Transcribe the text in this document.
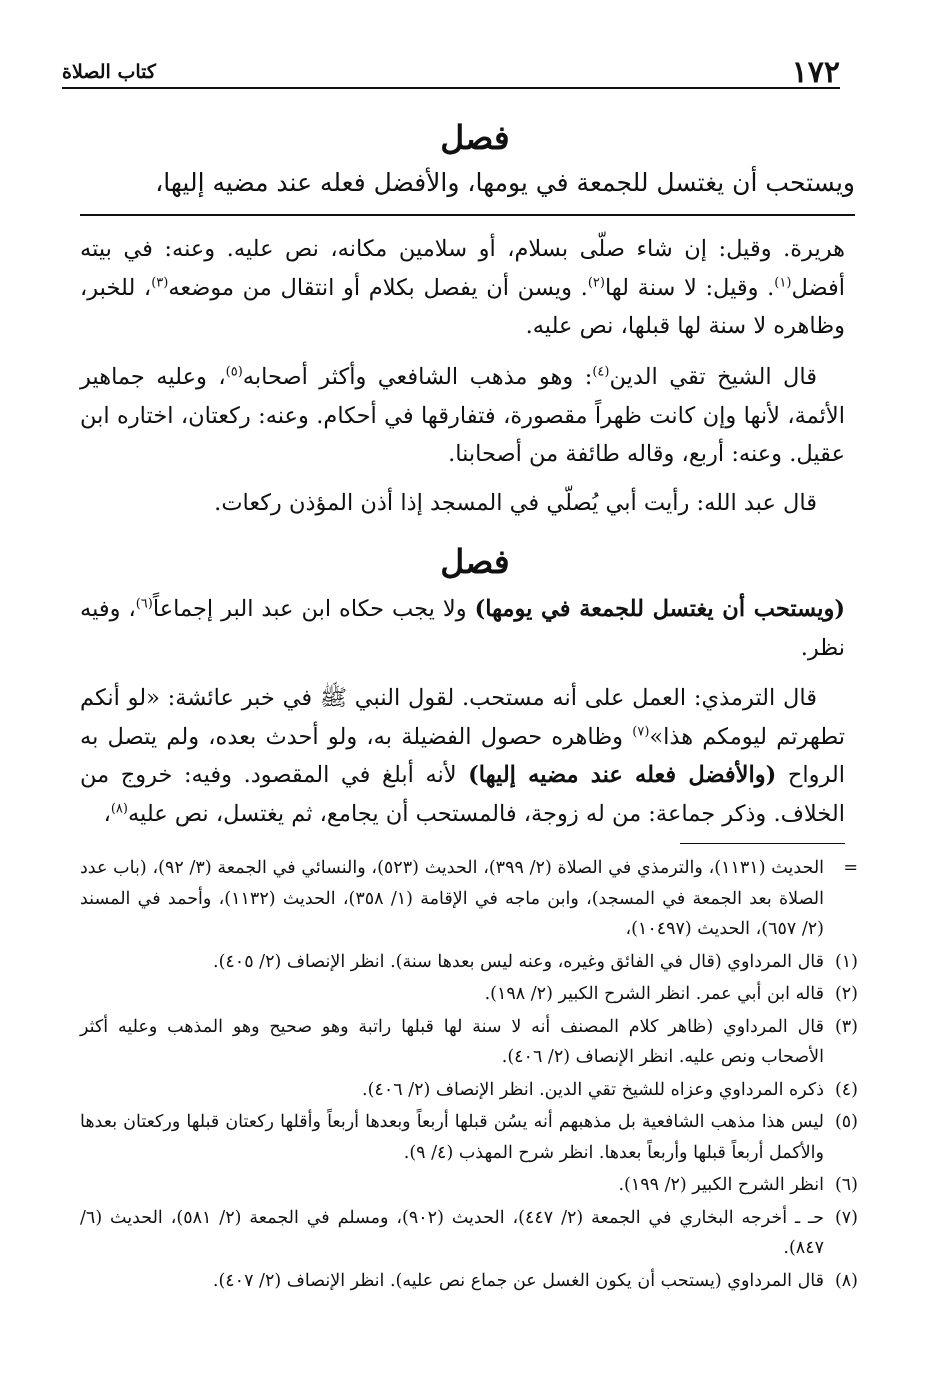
١٧٢
كتاب الصلاة
فصل
ويستحب أن يغتسل للجمعة في يومها، والأفضل فعله عند مضيه إليها،

هريرة. وقيل: إن شاء صلّى بسلام، أو سلامين مكانه، نص عليه. وعنه: في بيته أفضل$^{(١)}$. وقيل: لا سنة لها$^{(٢)}$. ويسن أن يفصل بكلام أو انتقال من موضعه$^{(٣)}$، للخبر، وظاهره لا سنة لها قبلها، نص عليه.

قال الشيخ تقي الدين$^{(٤)}$: وهو مذهب الشافعي وأكثر أصحابه$^{(٥)}$، وعليه جماهير الأئمة، لأنها وإن كانت ظهراً مقصورة، فتفارقها في أحكام. وعنه: ركعتان، اختاره ابن عقيل. وعنه: أربع، وقاله طائفة من أصحابنا.

قال عبد الله: رأيت أبي يُصلّي في المسجد إذا أذن المؤذن ركعات.

فصل

(ويستحب أن يغتسل للجمعة في يومها) ولا يجب حكاه ابن عبد البر إجماعاً$^{(٦)}$، وفيه نظر.

قال الترمذي: العمل على أنه مستحب. لقول النبي ﷺ في خبر عائشة: «لو أنكم تطهرتم ليومكم هذا»$^{(٧)}$ وظاهره حصول الفضيلة به، ولو أحدث بعده، ولم يتصل به الرواح (والأفضل فعله عند مضيه إليها) لأنه أبلغ في المقصود. وفيه: خروج من الخلاف. وذكر جماعة: من له زوجة، فالمستحب أن يجامع، ثم يغتسل، نص عليه$^{(٨)}$،

=
الحديث (١١٣١)، والترمذي في الصلاة (٢/ ٣٩٩)، الحديث (٥٢٣)، والنسائي في الجمعة (٣/ ٩٢)، (باب عدد الصلاة بعد الجمعة في المسجد)، وابن ماجه في الإقامة (١/ ٣٥٨)، الحديث (١١٣٢)، وأحمد في المسند (٢/ ٦٥٧)، الحديث (١٠٤٩٧)،
(١)
قال المرداوي (قال في الفائق وغيره، وعنه ليس بعدها سنة). انظر الإنصاف (٢/ ٤٠٥).
(٢)
قاله ابن أبي عمر. انظر الشرح الكبير (٢/ ١٩٨).
(٣)
قال المرداوي (ظاهر كلام المصنف أنه لا سنة لها قبلها راتبة وهو صحيح وهو المذهب وعليه أكثر الأصحاب ونص عليه. انظر الإنصاف (٢/ ٤٠٦).
(٤)
ذكره المرداوي وعزاه للشيخ تقي الدين. انظر الإنصاف (٢/ ٤٠٦).
(٥)
ليس هذا مذهب الشافعية بل مذهبهم أنه يسُن قبلها أربعاً وبعدها أربعاً وأقلها ركعتان قبلها وركعتان بعدها والأكمل أربعاً قبلها وأربعاً بعدها. انظر شرح المهذب (٤/ ٩).
(٦)
انظر الشرح الكبير (٢/ ١٩٩).
(٧)
حـ ـ أخرجه البخاري في الجمعة (٢/ ٤٤٧)، الحديث (٩٠٢)، ومسلم في الجمعة (٢/ ٥٨١)، الحديث (٦/ ٨٤٧).
(٨)
قال المرداوي (يستحب أن يكون الغسل عن جماع نص عليه). انظر الإنصاف (٢/ ٤٠٧).
